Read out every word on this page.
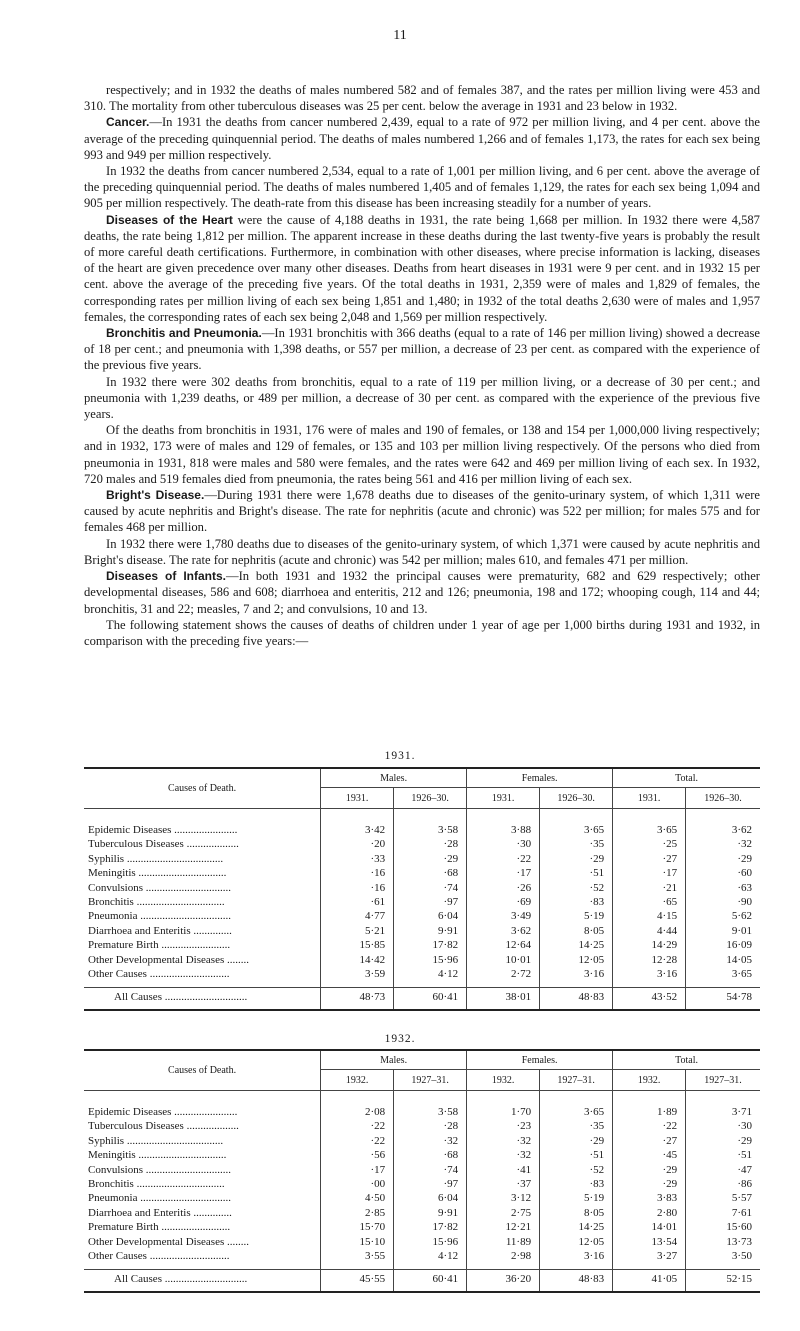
11

respectively; and in 1932 the deaths of males numbered 582 and of females 387, and the rates per million living were 453 and 310. The mortality from other tuberculous diseases was 25 per cent. below the average in 1931 and 23 below in 1932.

Cancer.—In 1931 the deaths from cancer numbered 2,439, equal to a rate of 972 per million living, and 4 per cent. above the average of the preceding quinquennial period. The deaths of males numbered 1,266 and of females 1,173, the rates for each sex being 993 and 949 per million respectively.

In 1932 the deaths from cancer numbered 2,534, equal to a rate of 1,001 per million living, and 6 per cent. above the average of the preceding quinquennial period. The deaths of males numbered 1,405 and of females 1,129, the rates for each sex being 1,094 and 905 per million respectively. The death-rate from this disease has been increasing steadily for a number of years.

Diseases of the Heart were the cause of 4,188 deaths in 1931, the rate being 1,668 per million. In 1932 there were 4,587 deaths, the rate being 1,812 per million. The apparent increase in these deaths during the last twenty-five years is probably the result of more careful death certifications. Furthermore, in combination with other diseases, where precise information is lacking, diseases of the heart are given precedence over many other diseases. Deaths from heart diseases in 1931 were 9 per cent. and in 1932 15 per cent. above the average of the preceding five years. Of the total deaths in 1931, 2,359 were of males and 1,829 of females, the corresponding rates per million living of each sex being 1,851 and 1,480; in 1932 of the total deaths 2,630 were of males and 1,957 females, the corresponding rates of each sex being 2,048 and 1,569 per million respectively.

Bronchitis and Pneumonia.—In 1931 bronchitis with 366 deaths (equal to a rate of 146 per million living) showed a decrease of 18 per cent.; and pneumonia with 1,398 deaths, or 557 per million, a decrease of 23 per cent. as compared with the experience of the previous five years.

In 1932 there were 302 deaths from bronchitis, equal to a rate of 119 per million living, or a decrease of 30 per cent.; and pneumonia with 1,239 deaths, or 489 per million, a decrease of 30 per cent. as compared with the experience of the previous five years.

Of the deaths from bronchitis in 1931, 176 were of males and 190 of females, or 138 and 154 per 1,000,000 living respectively; and in 1932, 173 were of males and 129 of females, or 135 and 103 per million living respectively. Of the persons who died from pneumonia in 1931, 818 were males and 580 were females, and the rates were 642 and 469 per million living of each sex. In 1932, 720 males and 519 females died from pneumonia, the rates being 561 and 416 per million living of each sex.

Bright's Disease.—During 1931 there were 1,678 deaths due to diseases of the genito-urinary system, of which 1,311 were caused by acute nephritis and Bright's disease. The rate for nephritis (acute and chronic) was 522 per million; for males 575 and for females 468 per million.

In 1932 there were 1,780 deaths due to diseases of the genito-urinary system, of which 1,371 were caused by acute nephritis and Bright's disease. The rate for nephritis (acute and chronic) was 542 per million; males 610, and females 471 per million.

Diseases of Infants.—In both 1931 and 1932 the principal causes were prematurity, 682 and 629 respectively; other developmental diseases, 586 and 608; diarrhoea and enteritis, 212 and 126; pneumonia, 198 and 172; whooping cough, 114 and 44; bronchitis, 31 and 22; measles, 7 and 2; and convulsions, 10 and 13.

The following statement shows the causes of deaths of children under 1 year of age per 1,000 births during 1931 and 1932, in comparison with the preceding five years:—

1931.
Causes of Death.	Males.		Females.		Total.	
	1931.	1926–30.	1931.	1926–30.	1931.	1926–30.

Epidemic Diseases .......................	3·42	3·58	3·88	3·65	3·65	3·62
Tuberculous Diseases ...................	·20	·28	·30	·35	·25	·32
Syphilis ...................................	·33	·29	·22	·29	·27	·29
Meningitis ................................	·16	·68	·17	·51	·17	·60
Convulsions ...............................	·16	·74	·26	·52	·21	·63
Bronchitis ................................	·61	·97	·69	·83	·65	·90
Pneumonia .................................	4·77	6·04	3·49	5·19	4·15	5·62
Diarrhoea and Enteritis ..............	5·21	9·91	3·62	8·05	4·44	9·01
Premature Birth .........................	15·85	17·82	12·64	14·25	14·29	16·09
Other Developmental Diseases ........	14·42	15·96	10·01	12·05	12·28	14·05
Other Causes .............................	3·59	4·12	2·72	3·16	3·16	3·65

All Causes ..............................	48·73	60·41	38·01	48·83	43·52	54·78
1932.
Causes of Death.	Males.		Females.		Total.	
	1932.	1927–31.	1932.	1927–31.	1932.	1927–31.

Epidemic Diseases .......................	2·08	3·58	1·70	3·65	1·89	3·71
Tuberculous Diseases ...................	·22	·28	·23	·35	·22	·30
Syphilis ...................................	·22	·32	·32	·29	·27	·29
Meningitis ................................	·56	·68	·32	·51	·45	·51
Convulsions ...............................	·17	·74	·41	·52	·29	·47
Bronchitis ................................	·00	·97	·37	·83	·29	·86
Pneumonia .................................	4·50	6·04	3·12	5·19	3·83	5·57
Diarrhoea and Enteritis ..............	2·85	9·91	2·75	8·05	2·80	7·61
Premature Birth .........................	15·70	17·82	12·21	14·25	14·01	15·60
Other Developmental Diseases ........	15·10	15·96	11·89	12·05	13·54	13·73
Other Causes .............................	3·55	4·12	2·98	3·16	3·27	3·50

All Causes ..............................	45·55	60·41	36·20	48·83	41·05	52·15
